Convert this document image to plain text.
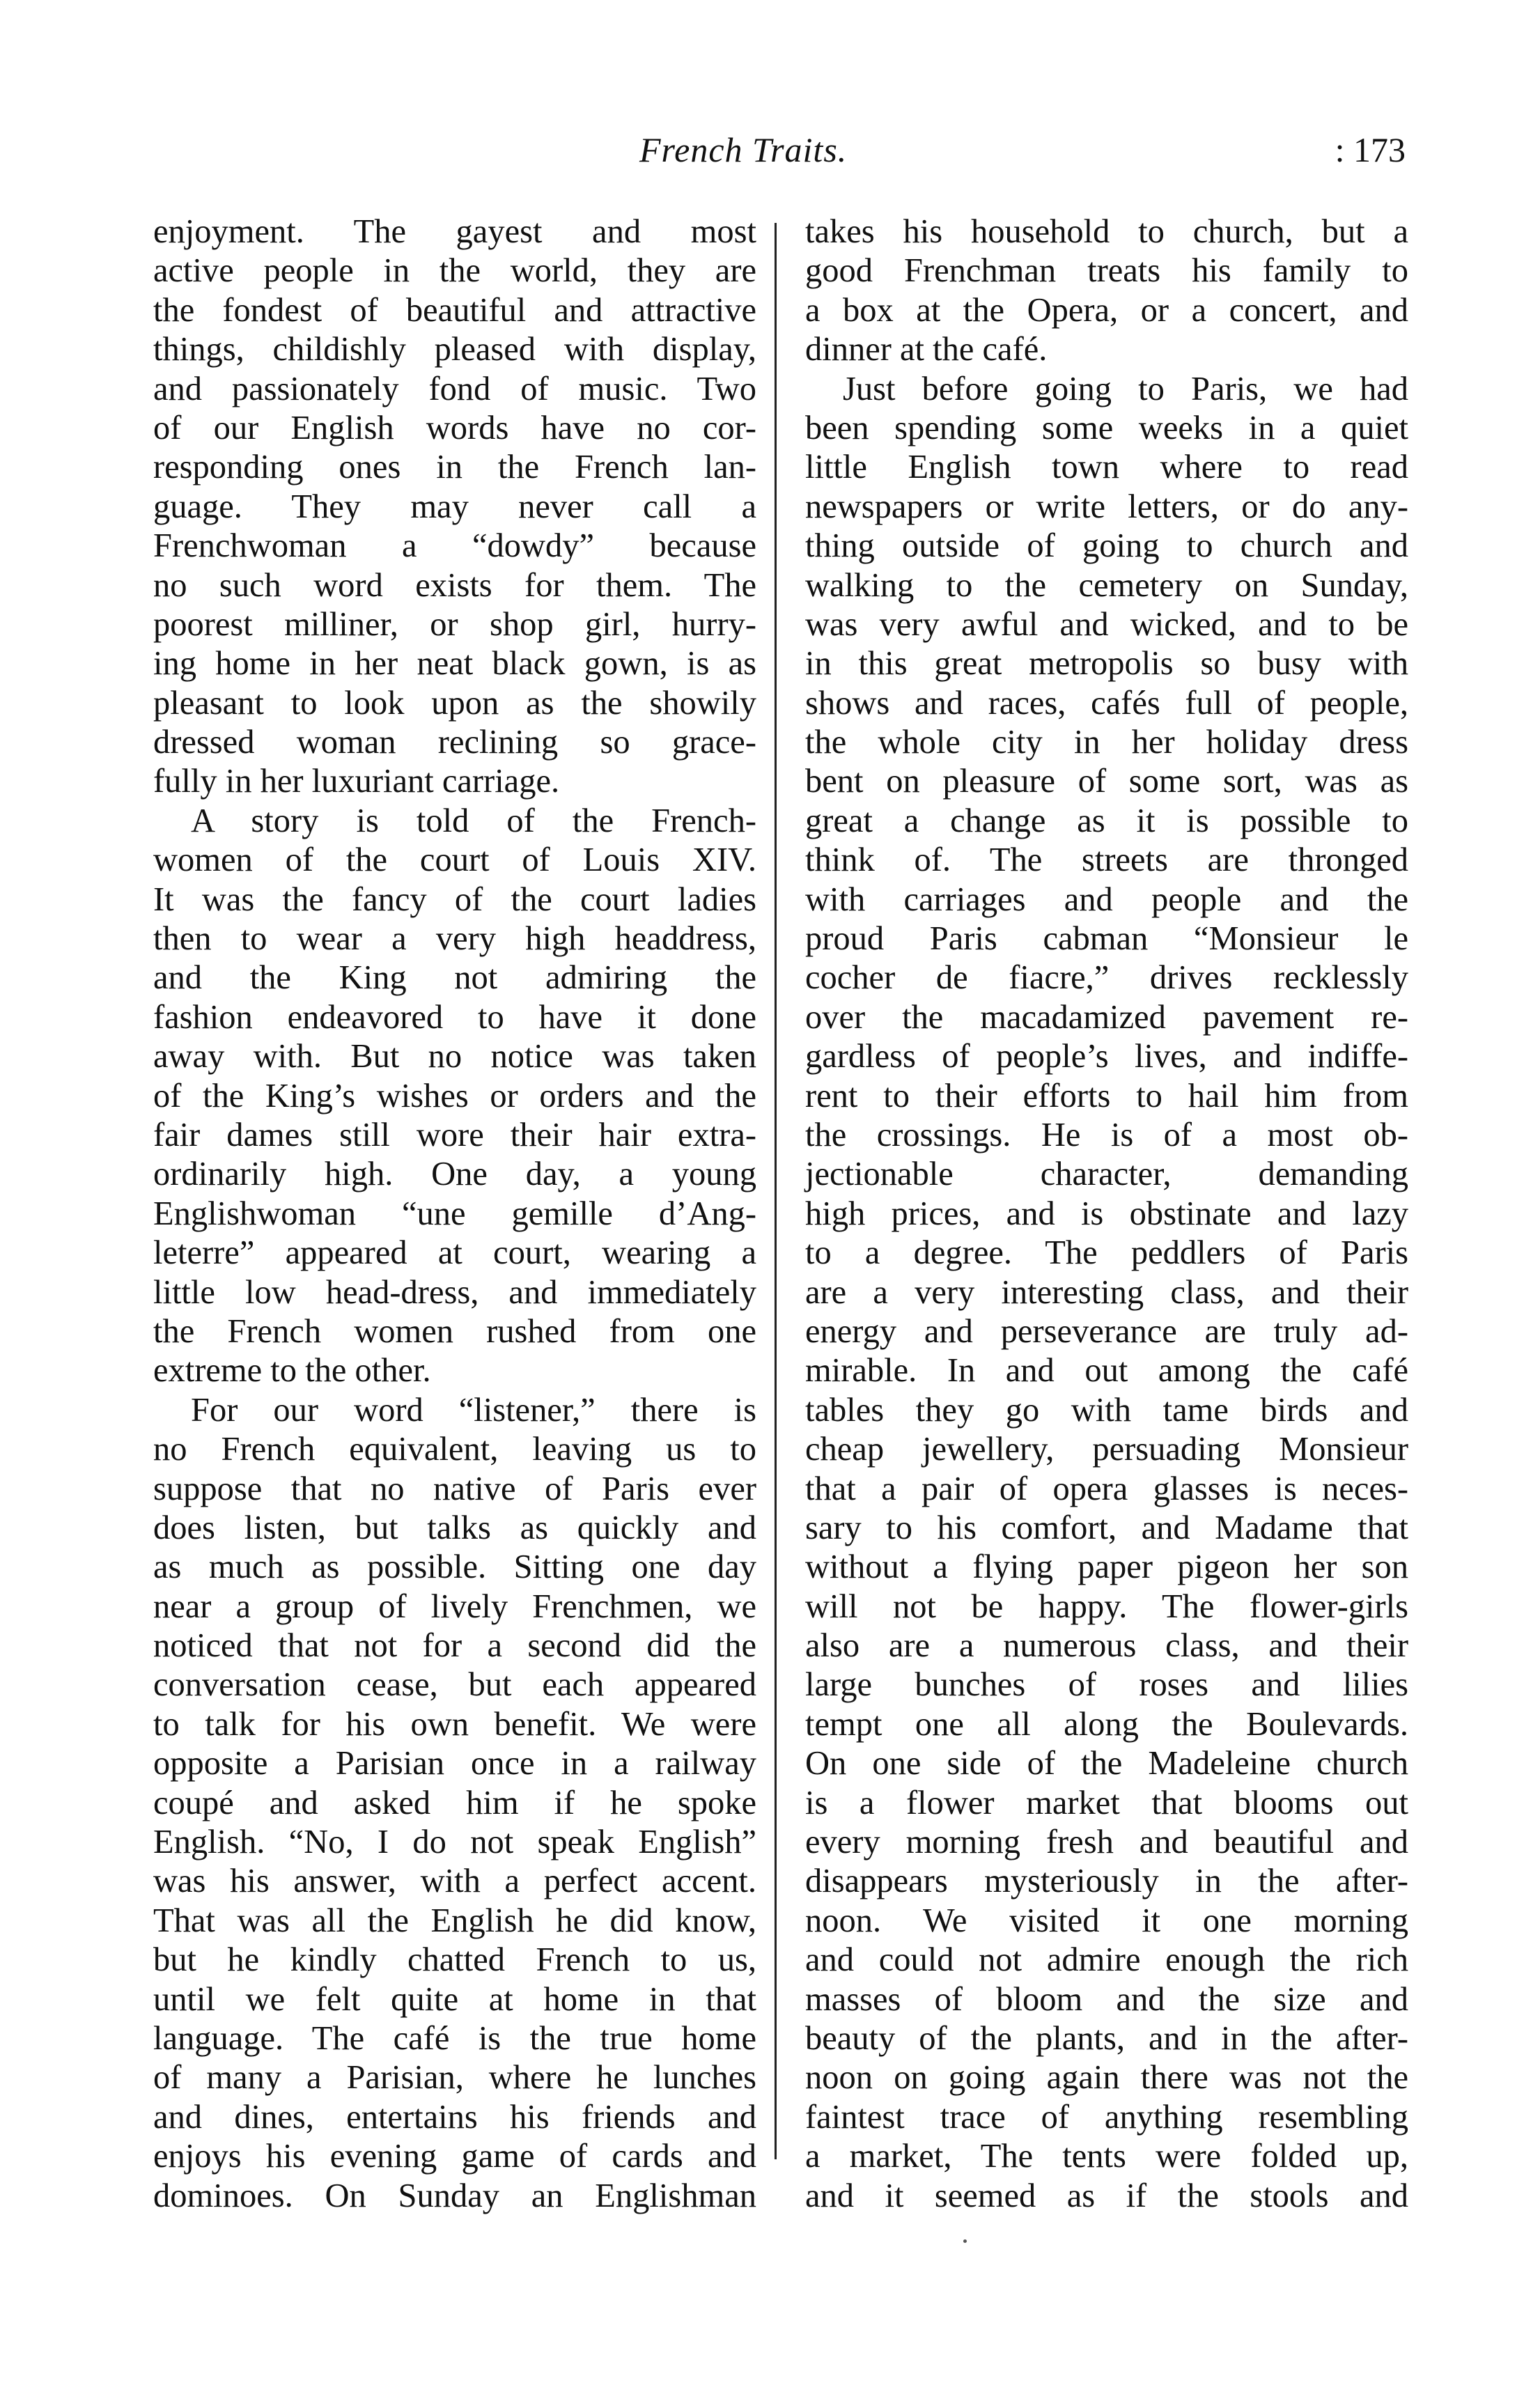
French Traits.	: 173
enjoyment. The gayest and most
active people in the world, they are
the fondest of beautiful and attractive
things, childishly pleased with display,
and passionately fond of music. Two
of our English words have no cor-
responding ones in the French lan-
guage. They may never call a
Frenchwoman a “dowdy” because
no such word exists for them. The
poorest milliner, or shop girl, hurry-
ing home in her neat black gown, is as
pleasant to look upon as the showily
dressed woman reclining so grace-
fully in her luxuriant carriage.
A story is told of the French-
women of the court of Louis XIV.
It was the fancy of the court ladies
then to wear a very high headdress,
and the King not admiring the
fashion endeavored to have it done
away with. But no notice was taken
of the King’s wishes or orders and the
fair dames still wore their hair extra-
ordinarily high. One day, a young
Englishwoman “une gemille d’Ang-
leterre” appeared at court, wearing a
little low head-dress, and immediately
the French women rushed from one
extreme to the other.
For our word “listener,” there is
no French equivalent, leaving us to
suppose that no native of Paris ever
does listen, but talks as quickly and
as much as possible. Sitting one day
near a group of lively Frenchmen, we
noticed that not for a second did the
conversation cease, but each appeared
to talk for his own benefit. We were
opposite a Parisian once in a railway
coupé and asked him if he spoke
English. “No, I do not speak English”
was his answer, with a perfect accent.
That was all the English he did know,
but he kindly chatted French to us,
until we felt quite at home in that
language. The café is the true home
of many a Parisian, where he lunches
and dines, entertains his friends and
enjoys his evening game of cards and
dominoes. On Sunday an Englishman
takes his household to church, but a
good Frenchman treats his family to
a box at the Opera, or a concert, and
dinner at the café.
Just before going to Paris, we had
been spending some weeks in a quiet
little English town where to read
newspapers or write letters, or do any-
thing outside of going to church and
walking to the cemetery on Sunday,
was very awful and wicked, and to be
in this great metropolis so busy with
shows and races, cafés full of people,
the whole city in her holiday dress
bent on pleasure of some sort, was as
great a change as it is possible to
think of. The streets are thronged
with carriages and people and the
proud Paris cabman “Monsieur le
cocher de fiacre,” drives recklessly
over the macadamized pavement re-
gardless of people’s lives, and indiffe-
rent to their efforts to hail him from
the crossings. He is of a most ob-
jectionable character, demanding
high prices, and is obstinate and lazy
to a degree. The peddlers of Paris
are a very interesting class, and their
energy and perseverance are truly ad-
mirable. In and out among the café
tables they go with tame birds and
cheap jewellery, persuading Monsieur
that a pair of opera glasses is neces-
sary to his comfort, and Madame that
without a flying paper pigeon her son
will not be happy. The flower-girls
also are a numerous class, and their
large bunches of roses and lilies
tempt one all along the Boulevards.
On one side of the Madeleine church
is a flower market that blooms out
every morning fresh and beautiful and
disappears mysteriously in the after-
noon. We visited it one morning
and could not admire enough the rich
masses of bloom and the size and
beauty of the plants, and in the after-
noon on going again there was not the
faintest trace of anything resembling
a market, The tents were folded up,
and it seemed as if the stools and
